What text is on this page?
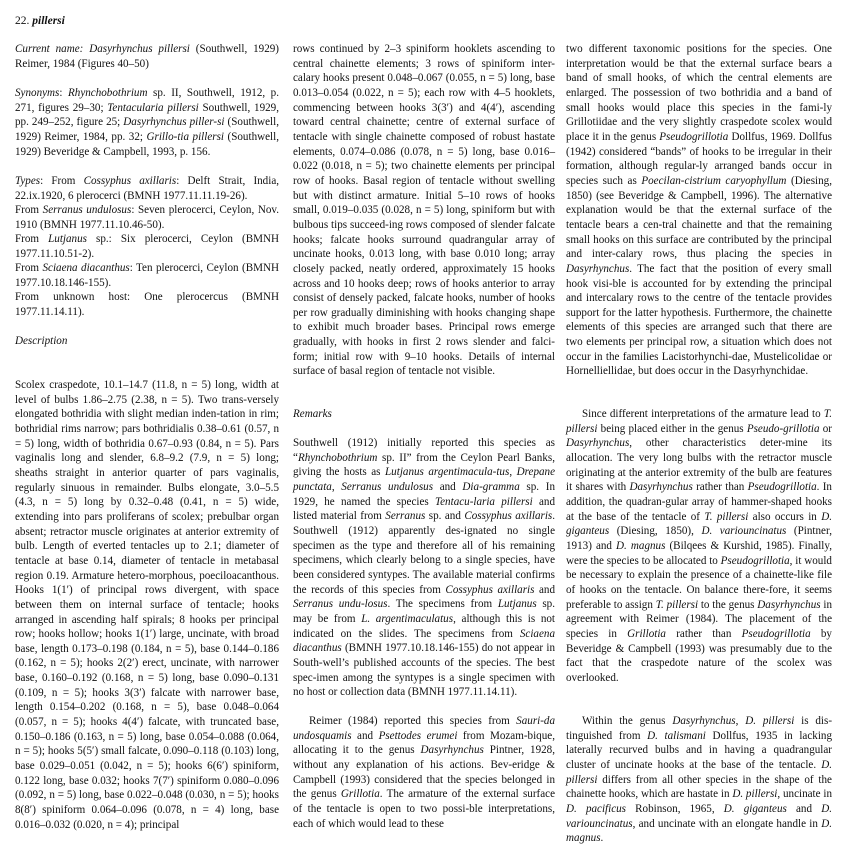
22. pillersi

Current name: Dasyrhynchus pillersi (Southwell, 1929) Reimer, 1984 (Figures 40–50)

Synonyms: Rhynchobothrium sp. II, Southwell, 1912, p. 271, figures 29–30; Tentacularia pillersi Southwell, 1929, pp. 249–252, figure 25; Dasyrhynchus piller-si (Southwell, 1929) Reimer, 1984, pp. 32; Grillo-tia pillersi (Southwell, 1929) Beveridge & Campbell, 1993, p. 156.

Types: From Cossyphus axillaris: Delft Strait, India, 22.ix.1920, 6 plerocerci (BMNH 1977.11.11.19-26).

From Serranus undulosus: Seven plerocerci, Ceylon, Nov. 1910 (BMNH 1977.11.10.46-50).

From Lutjanus sp.: Six plerocerci, Ceylon (BMNH 1977.11.10.51-2).

From Sciaena diacanthus: Ten plerocerci, Ceylon (BMNH 1977.10.18.146-155).

From unknown host: One plerocercus (BMNH 1977.11.14.11).

Description

Scolex craspedote, 10.1–14.7 (11.8, n = 5) long, width at level of bulbs 1.86–2.75 (2.38, n = 5). Two trans-versely elongated bothridia with slight median inden-tation in rim; bothridial rims narrow; pars bothridialis 0.38–0.61 (0.57, n = 5) long, width of bothridia 0.67–0.93 (0.84, n = 5). Pars vaginalis long and slender, 6.8–9.2 (7.9, n = 5) long; sheaths straight in anterior quarter of pars vaginalis, regularly sinuous in remainder. Bulbs elongate, 3.0–5.5 (4.3, n = 5) long by 0.32–0.48 (0.41, n = 5) wide, extending into pars proliferans of scolex; prebulbar organ absent; retractor muscle originates at anterior extremity of bulb. Length of everted tentacles up to 2.1; diameter of tentacle at base 0.14, diameter of tentacle in metabasal region 0.19. Armature hetero-morphous, poeciloacanthous. Hooks 1(1′) of principal rows divergent, with space between them on internal surface of tentacle; hooks arranged in ascending half spirals; 8 hooks per principal row; hooks hollow; hooks 1(1′) large, uncinate, with broad base, length 0.173–0.198 (0.184, n = 5), base 0.144–0.186 (0.162, n = 5); hooks 2(2′) erect, uncinate, with narrower base, 0.160–0.192 (0.168, n = 5) long, base 0.090–0.131 (0.109, n = 5); hooks 3(3′) falcate with narrower base, length 0.154–0.202 (0.168, n = 5), base 0.048–0.064 (0.057, n = 5); hooks 4(4′) falcate, with truncated base, 0.150–0.186 (0.163, n = 5) long, base 0.054–0.088 (0.064, n = 5); hooks 5(5′) small falcate, 0.090–0.118 (0.103) long, base 0.029–0.051 (0.042, n = 5); hooks 6(6′) spiniform, 0.122 long, base 0.032; hooks 7(7′) spiniform 0.080–0.096 (0.092, n = 5) long, base 0.022–0.048 (0.030, n = 5); hooks 8(8′) spiniform 0.064–0.096 (0.078, n = 4) long, base 0.016–0.032 (0.020, n = 4); principal

rows continued by 2–3 spiniform hooklets ascending to central chainette elements; 3 rows of spiniform inter-calary hooks present 0.048–0.067 (0.055, n = 5) long, base 0.013–0.054 (0.022, n = 5); each row with 4–5 hooklets, commencing between hooks 3(3′) and 4(4′), ascending toward central chainette; centre of external surface of tentacle with single chainette composed of robust hastate elements, 0.074–0.086 (0.078, n = 5) long, base 0.016–0.022 (0.018, n = 5); two chainette elements per principal row of hooks. Basal region of tentacle without swelling but with distinct armature. Initial 5–10 rows of hooks small, 0.019–0.035 (0.028, n = 5) long, spiniform but with bulbous tips succeed-ing rows composed of slender falcate hooks; falcate hooks surround quadrangular array of uncinate hooks, 0.013 long, with base 0.010 long; array closely packed, neatly ordered, approximately 15 hooks across and 10 hooks deep; rows of hooks anterior to array consist of densely packed, falcate hooks, number of hooks per row gradually diminishing with hooks changing shape to exhibit much broader bases. Principal rows emerge gradually, with hooks in first 2 rows slender and falci-form; initial row with 9–10 hooks. Details of internal surface of basal region of tentacle not visible.

Remarks

Southwell (1912) initially reported this species as “Rhynchobothrium sp. II” from the Ceylon Pearl Banks, giving the hosts as Lutjanus argentimacula-tus, Drepane punctata, Serranus undulosus and Dia-gramma sp. In 1929, he named the species Tentacu-laria pillersi and listed material from Serranus sp. and Cossyphus axillaris. Southwell (1912) apparently des-ignated no single specimen as the type and therefore all of his remaining specimens, which clearly belong to a single species, have been considered syntypes. The available material confirms the records of this species from Cossyphus axillaris and Serranus undu-losus. The specimens from Lutjanus sp. may be from L. argentimaculatus, although this is not indicated on the slides. The specimens from Sciaena diacanthus (BMNH 1977.10.18.146-155) do not appear in South-well’s published accounts of the species. The best spec-imen among the syntypes is a single specimen with no host or collection data (BMNH 1977.11.14.11).

Reimer (1984) reported this species from Sauri-da undosquamis and Psettodes erumei from Mozam-bique, allocating it to the genus Dasyrhynchus Pintner, 1928, without any explanation of his actions. Bev-eridge & Campbell (1993) considered that the species belonged in the genus Grillotia. The armature of the external surface of the tentacle is open to two possi-ble interpretations, each of which would lead to these

two different taxonomic positions for the species. One interpretation would be that the external surface bears a band of small hooks, of which the central elements are enlarged. The possession of two bothridia and a band of small hooks would place this species in the fami-ly Grillotiidae and the very slightly craspedote scolex would place it in the genus Pseudogrillotia Dollfus, 1969. Dollfus (1942) considered “bands” of hooks to be irregular in their formation, although regular-ly arranged bands occur in species such as Poecilan-cistrium caryophyllum (Diesing, 1850) (see Beveridge & Campbell, 1996). The alternative explanation would be that the external surface of the tentacle bears a cen-tral chainette and that the remaining small hooks on this surface are contributed by the principal and inter-calary rows, thus placing the species in Dasyrhynchus. The fact that the position of every small hook visi-ble is accounted for by extending the principal and intercalary rows to the centre of the tentacle provides support for the latter hypothesis. Furthermore, the chainette elements of this species are arranged such that there are two elements per principal row, a situation which does not occur in the families Lacistorhynchi-dae, Mustelicolidae or Hornelliellidae, but does occur in the Dasyrhynchidae.

Since different interpretations of the armature lead to T. pillersi being placed either in the genus Pseudo-grillotia or Dasyrhynchus, other characteristics deter-mine its allocation. The very long bulbs with the retractor muscle originating at the anterior extremity of the bulb are features it shares with Dasyrhynchus rather than Pseudogrillotia. In addition, the quadran-gular array of hammer-shaped hooks at the base of the tentacle of T. pillersi also occurs in D. giganteus (Diesing, 1850), D. variouncinatus (Pintner, 1913) and D. magnus (Bilqees & Kurshid, 1985). Finally, were the species to be allocated to Pseudogrillotia, it would be necessary to explain the presence of a chainette-like file of hooks on the tentacle. On balance there-fore, it seems preferable to assign T. pillersi to the genus Dasyrhynchus in agreement with Reimer (1984). The placement of the species in Grillotia rather than Pseudogrillotia by Beveridge & Campbell (1993) was presumably due to the fact that the craspedote nature of the scolex was overlooked.

Within the genus Dasyrhynchus, D. pillersi is dis-tinguished from D. talismani Dollfus, 1935 in lacking laterally recurved bulbs and in having a quadrangular cluster of uncinate hooks at the base of the tentacle. D. pillersi differs from all other species in the shape of the chainette hooks, which are hastate in D. pillersi, uncinate in D. pacificus Robinson, 1965, D. giganteus and D. variouncinatus, and uncinate with an elongate handle in D. magnus.
